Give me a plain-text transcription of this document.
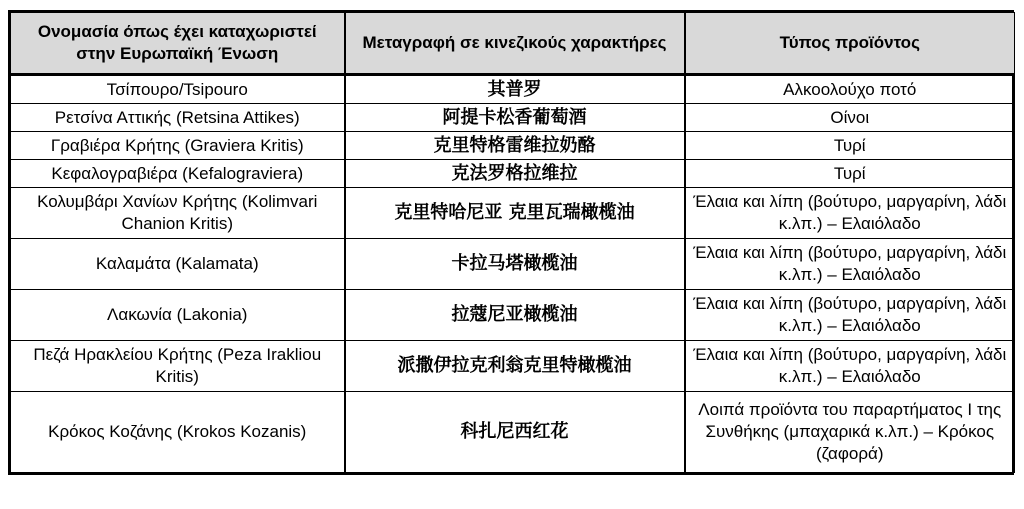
Ονομασία όπως έχει καταχωριστεί στην Ευρωπαϊκή Ένωση	Μεταγραφή σε κινεζικούς χαρακτήρες	Τύπος προϊόντος
Τσίπουρο/Tsipouro	其普罗	Αλκοολούχο ποτό
Ρετσίνα Αττικής (Retsina Attikes)	阿提卡松香葡萄酒	Οίνοι
Γραβιέρα Κρήτης (Graviera Kritis)	克里特格雷维拉奶酪	Τυρί
Κεφαλογραβιέρα (Kefalograviera)	克法罗格拉维拉	Τυρί
Κολυμβάρι Χανίων Κρήτης (Kolimvari Chanion Kritis)	克里特哈尼亚 克里瓦瑞橄榄油	Έλαια και λίπη (βούτυρο, μαργαρίνη, λάδι κ.λπ.) – Ελαιόλαδο
Καλαμάτα (Kalamata)	卡拉马塔橄榄油	Έλαια και λίπη (βούτυρο, μαργαρίνη, λάδι κ.λπ.) – Ελαιόλαδο
Λακωνία (Lakonia)	拉蔻尼亚橄榄油	Έλαια και λίπη (βούτυρο, μαργαρίνη, λάδι κ.λπ.) – Ελαιόλαδο
Πεζά Ηρακλείου Κρήτης (Peza Irakliou Kritis)	派撒伊拉克利翁克里特橄榄油	Έλαια και λίπη (βούτυρο, μαργαρίνη, λάδι κ.λπ.) – Ελαιόλαδο
Κρόκος Κοζάνης (Krokos Kozanis)	科扎尼西红花	Λοιπά προϊόντα του παραρτήματος I της Συνθήκης (μπαχαρικά κ.λπ.) – Κρόκος (ζαφορά)
